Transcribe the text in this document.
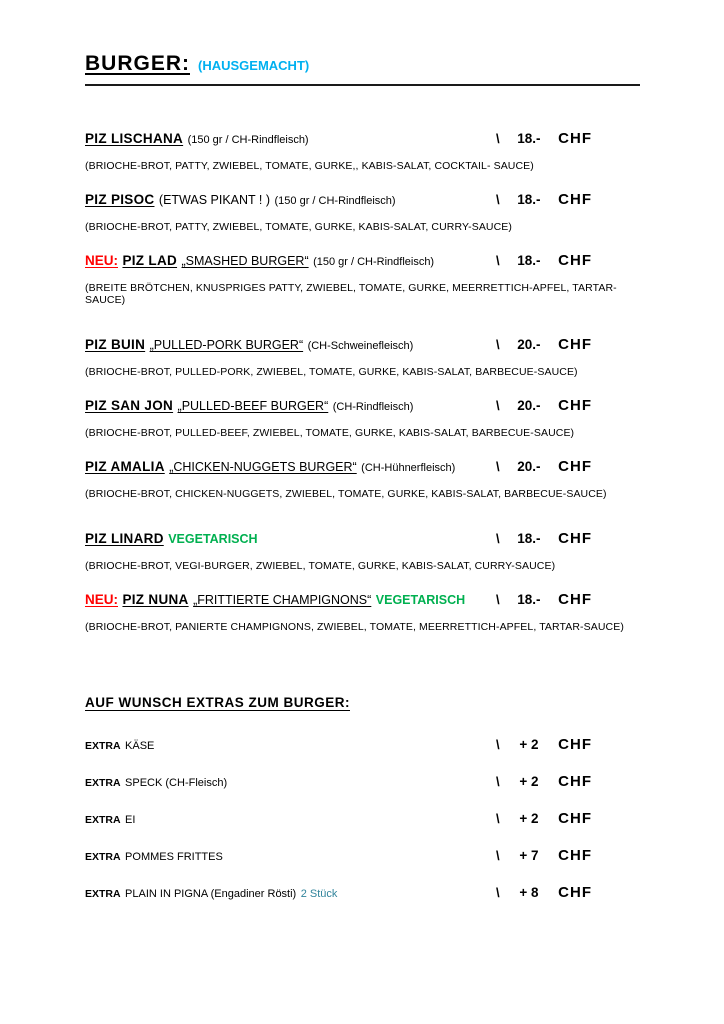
BURGER: (HAUSGEMACHT)
PIZ LISCHANA (150 gr / CH-Rindfleisch)	\ 18.- CHF
(BRIOCHE-BROT, PATTY, ZWIEBEL, TOMATE, GURKE,, KABIS-SALAT, COCKTAIL- SAUCE)
PIZ PISOC (ETWAS PIKANT ! ) (150 gr / CH-Rindfleisch)	\ 18.- CHF
(BRIOCHE-BROT, PATTY, ZWIEBEL, TOMATE, GURKE, KABIS-SALAT, CURRY-SAUCE)
NEU: PIZ LAD „SMASHED BURGER“ (150 gr / CH-Rindfleisch)	\ 18.- CHF
(BREITE BRÖTCHEN, KNUSPRIGES PATTY, ZWIEBEL, TOMATE, GURKE, MEERRETTICH-APFEL, TARTAR-SAUCE)
PIZ BUIN „PULLED-PORK BURGER“ (CH-Schweinefleisch)	\ 20.- CHF
(BRIOCHE-BROT, PULLED-PORK, ZWIEBEL, TOMATE, GURKE, KABIS-SALAT, BARBECUE-SAUCE)
PIZ SAN JON „PULLED-BEEF BURGER“ (CH-Rindfleisch)	\ 20.- CHF
(BRIOCHE-BROT, PULLED-BEEF, ZWIEBEL, TOMATE, GURKE, KABIS-SALAT, BARBECUE-SAUCE)
PIZ AMALIA „CHICKEN-NUGGETS BURGER“ (CH-Hühnerfleisch)	\ 20.- CHF
(BRIOCHE-BROT, CHICKEN-NUGGETS, ZWIEBEL, TOMATE, GURKE, KABIS-SALAT, BARBECUE-SAUCE)
PIZ LINARD VEGETARISCH	\ 18.- CHF
(BRIOCHE-BROT, VEGI-BURGER, ZWIEBEL, TOMATE, GURKE, KABIS-SALAT, CURRY-SAUCE)
NEU: PIZ NUNA „FRITTIERTE CHAMPIGNONS“ VEGETARISCH	\ 18.- CHF
(BRIOCHE-BROT, PANIERTE CHAMPIGNONS, ZWIEBEL, TOMATE, MEERRETTICH-APFEL, TARTAR-SAUCE)
AUF WUNSCH EXTRAS ZUM BURGER:
EXTRA KÄSE	\ + 2 CHF
EXTRA SPECK (CH-Fleisch)	\ + 2 CHF
EXTRA EI	\ + 2 CHF
EXTRA POMMES FRITTES	\ + 7 CHF
EXTRA PLAIN IN PIGNA (Engadiner Rösti) 2 Stück	\ + 8 CHF
